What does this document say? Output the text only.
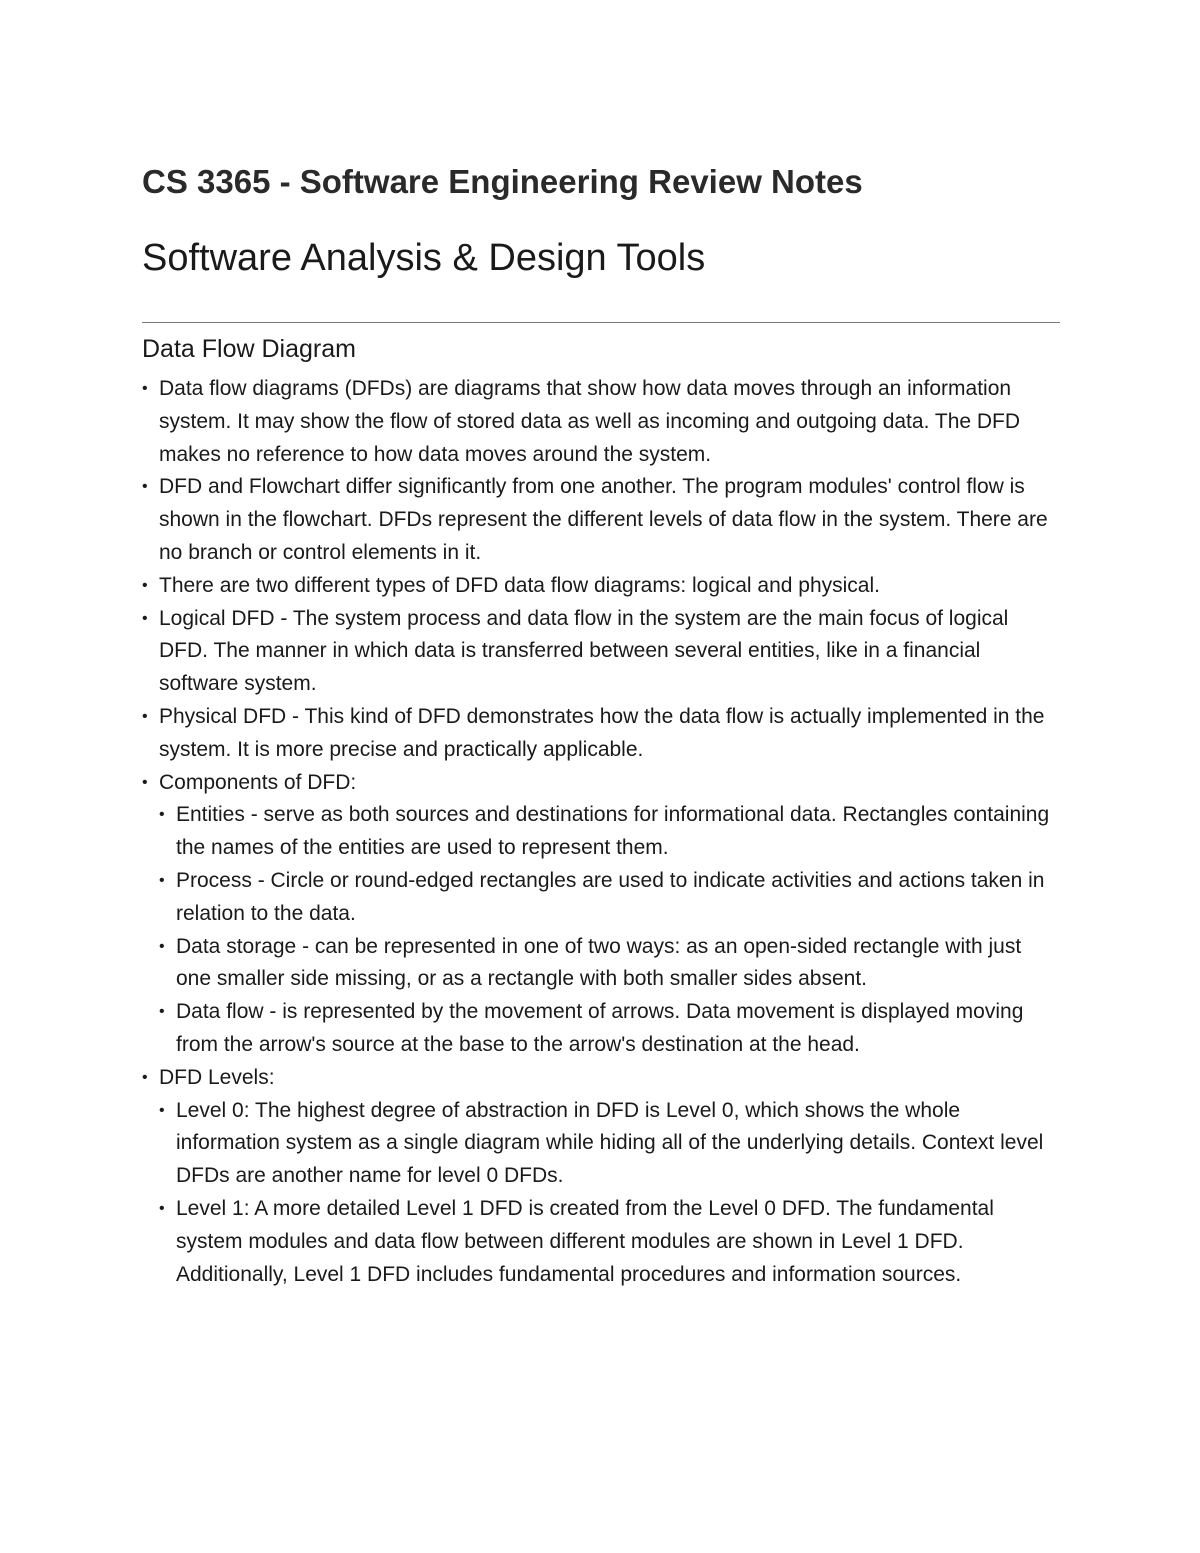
CS 3365 - Software Engineering Review Notes
Software Analysis & Design Tools
Data Flow Diagram
• Data flow diagrams (DFDs) are diagrams that show how data moves through an information system. It may show the flow of stored data as well as incoming and outgoing data. The DFD makes no reference to how data moves around the system.
• DFD and Flowchart differ significantly from one another. The program modules' control flow is shown in the flowchart. DFDs represent the different levels of data flow in the system. There are no branch or control elements in it.
• There are two different types of DFD data flow diagrams: logical and physical.
• Logical DFD - The system process and data flow in the system are the main focus of logical DFD. The manner in which data is transferred between several entities, like in a financial software system.
• Physical DFD - This kind of DFD demonstrates how the data flow is actually implemented in the system. It is more precise and practically applicable.
• Components of DFD:
• Entities - serve as both sources and destinations for informational data. Rectangles containing the names of the entities are used to represent them.
• Process - Circle or round-edged rectangles are used to indicate activities and actions taken in relation to the data.
• Data storage - can be represented in one of two ways: as an open-sided rectangle with just one smaller side missing, or as a rectangle with both smaller sides absent.
• Data flow - is represented by the movement of arrows. Data movement is displayed moving from the arrow's source at the base to the arrow's destination at the head.
• DFD Levels:
• Level 0: The highest degree of abstraction in DFD is Level 0, which shows the whole information system as a single diagram while hiding all of the underlying details. Context level DFDs are another name for level 0 DFDs.
• Level 1: A more detailed Level 1 DFD is created from the Level 0 DFD. The fundamental system modules and data flow between different modules are shown in Level 1 DFD. Additionally, Level 1 DFD includes fundamental procedures and information sources.
